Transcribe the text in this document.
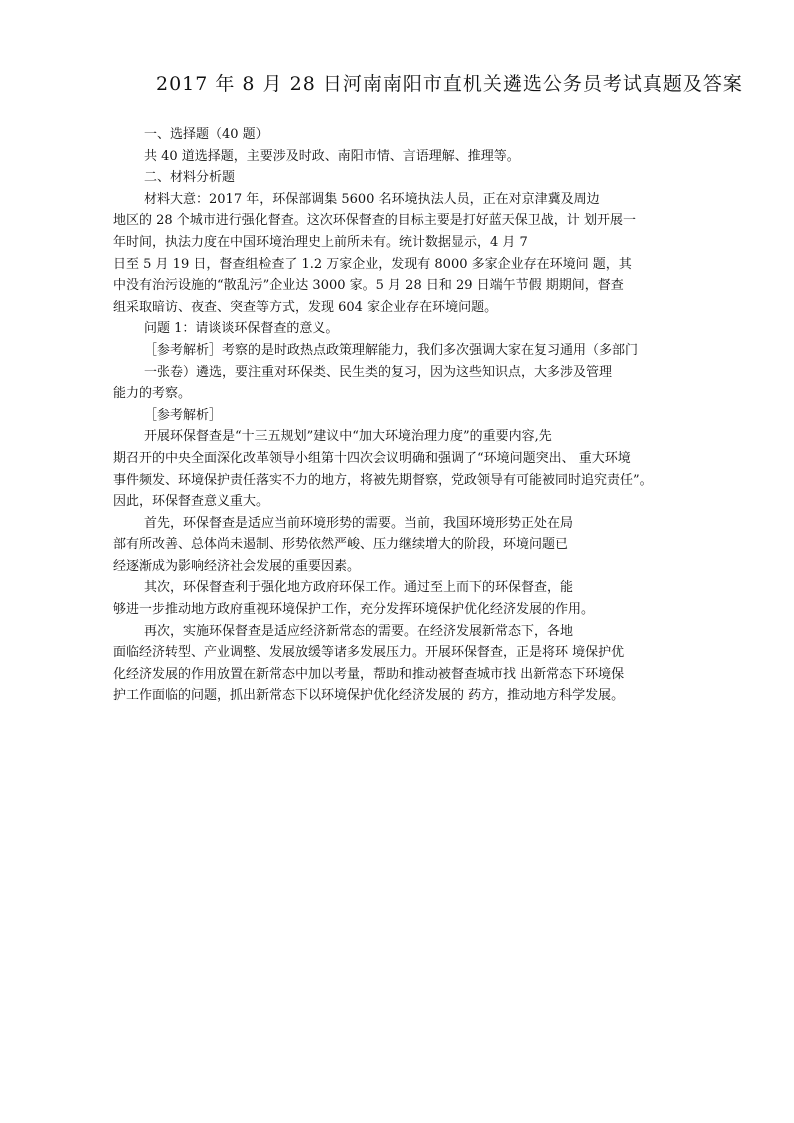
2017 年 8 月 28 日河南南阳市直机关遴选公务员考试真题及答案
一、选择题（40 题）
共 40 道选择题，主要涉及时政、南阳市情、言语理解、推理等。
二、材料分析题
材料大意：2017 年，环保部调集 5600 名环境执法人员，正在对京津冀及周边
地区的 28 个城市进行强化督查。这次环保督查的目标主要是打好蓝天保卫战，计 划开展一
年时间，执法力度在中国环境治理史上前所未有。统计数据显示，4 月 7
日至 5 月 19 日，督查组检查了 1.2 万家企业，发现有 8000 多家企业存在环境问 题，其
中没有治污设施的“散乱污”企业达 3000 家。5 月 28 日和 29 日端午节假 期期间，督查
组采取暗访、夜查、突查等方式，发现 604 家企业存在环境问题。
问题 1：请谈谈环保督查的意义。
［参考解析］考察的是时政热点政策理解能力，我们多次强调大家在复习通用（多部门
一张卷）遴选，要注重对环保类、民生类的复习，因为这些知识点，大多涉及管理
能力的考察。
［参考解析］
开展环保督查是“十三五规划”建议中“加大环境治理力度”的重要内容,先
期召开的中央全面深化改革领导小组第十四次会议明确和强调了“环境问题突出、 重大环境
事件频发、环境保护责任落实不力的地方，将被先期督察，党政领导有可能被同时追究责任”。
因此，环保督查意义重大。
首先，环保督查是适应当前环境形势的需要。当前，我国环境形势正处在局
部有所改善、总体尚未遏制、形势依然严峻、压力继续增大的阶段，环境问题已
经逐渐成为影响经济社会发展的重要因素。
其次，环保督查利于强化地方政府环保工作。通过至上而下的环保督查，能
够进一步推动地方政府重视环境保护工作，充分发挥环境保护优化经济发展的作用。
再次，实施环保督查是适应经济新常态的需要。在经济发展新常态下，各地
面临经济转型、产业调整、发展放缓等诸多发展压力。开展环保督查，正是将环 境保护优
化经济发展的作用放置在新常态中加以考量，帮助和推动被督查城市找 出新常态下环境保
护工作面临的问题，抓出新常态下以环境保护优化经济发展的 药方，推动地方科学发展。
